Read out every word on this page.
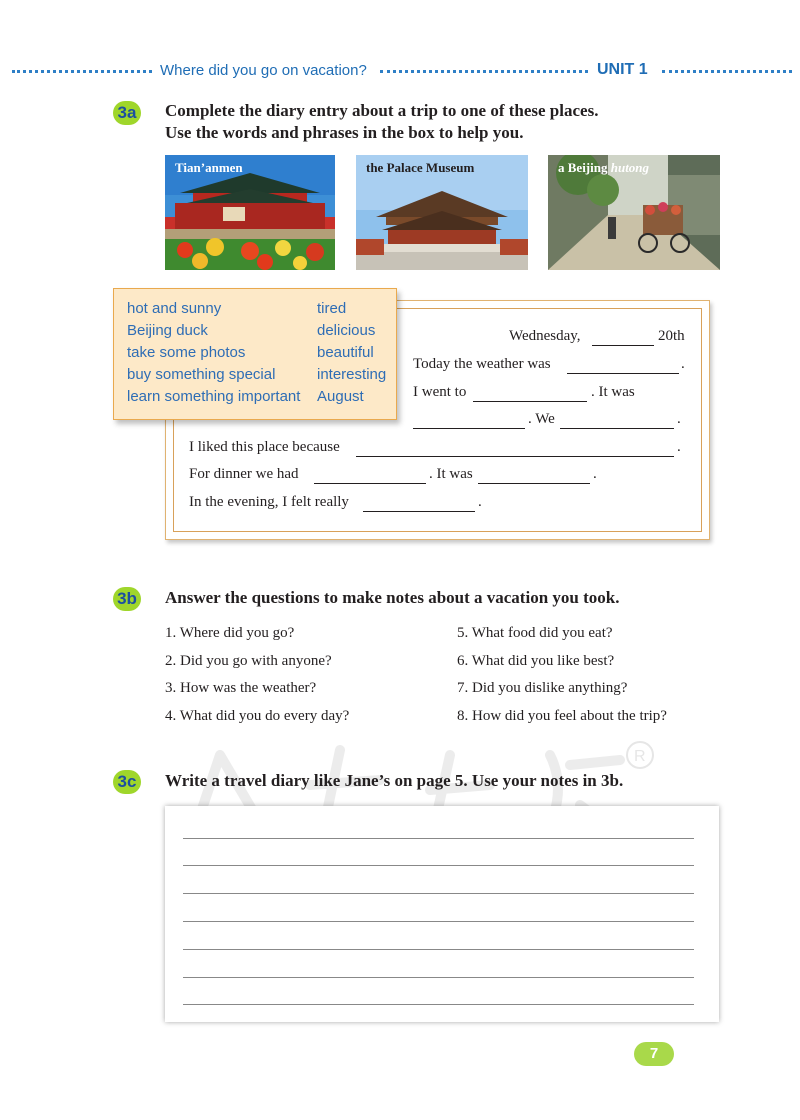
Where did you go on vacation?	UNIT 1
3a Complete the diary entry about a trip to one of these places.
Use the words and phrases in the box to help you.
Tian’anmen	the Palace Museum	a Beijing hutong
Wednesday,	20th
Today the weather was	.
I went to	. It was
. We	.
I liked this place because	.
For dinner we had	. It was	.
In the evening, I felt really	.
hot and sunny
Beijing duck
take some photos
buy something special
learn something important
tired
delicious
beautiful
interesting
August
3b Answer the questions to make notes about a vacation you took.
1. Where did you go?
2. Did you go with anyone?
3. How was the weather?
4. What did you do every day?
5. What food did you eat?
6. What did you like best?
7. Did you dislike anything?
8. How did you feel about the trip?
R
3c Write a travel diary like Jane’s on page 5. Use your notes in 3b.
7
